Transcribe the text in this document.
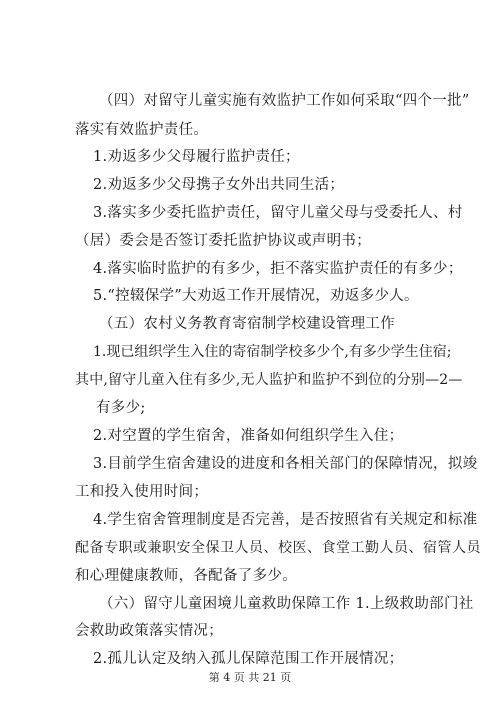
（四）对留守儿童实施有效监护工作如何采取“四个一批”
落实有效监护责任。
1.劝返多少父母履行监护责任；
2.劝返多少父母携子女外出共同生活；
3.落实多少委托监护责任，留守儿童父母与受委托人、村
（居）委会是否签订委托监护协议或声明书；
4.落实临时监护的有多少，拒不落实监护责任的有多少；
5.“控辍保学”大劝返工作开展情况，劝返多少人。
（五）农村义务教育寄宿制学校建设管理工作
1.现已组织学生入住的寄宿制学校多少个,有多少学生住宿;
其中,留守儿童入住有多少,无人监护和监护不到位的分别—2—
有多少;
2.对空置的学生宿舍，准备如何组织学生入住；
3.目前学生宿舍建设的进度和各相关部门的保障情况，拟竣
工和投入使用时间；
4.学生宿舍管理制度是否完善，是否按照省有关规定和标准
配备专职或兼职安全保卫人员、校医、食堂工勤人员、宿管人员
和心理健康教师，各配备了多少。
（六）留守儿童困境儿童救助保障工作 1.上级救助部门社
会救助政策落实情况；
2.孤儿认定及纳入孤儿保障范围工作开展情况；
第 4 页 共 21 页
